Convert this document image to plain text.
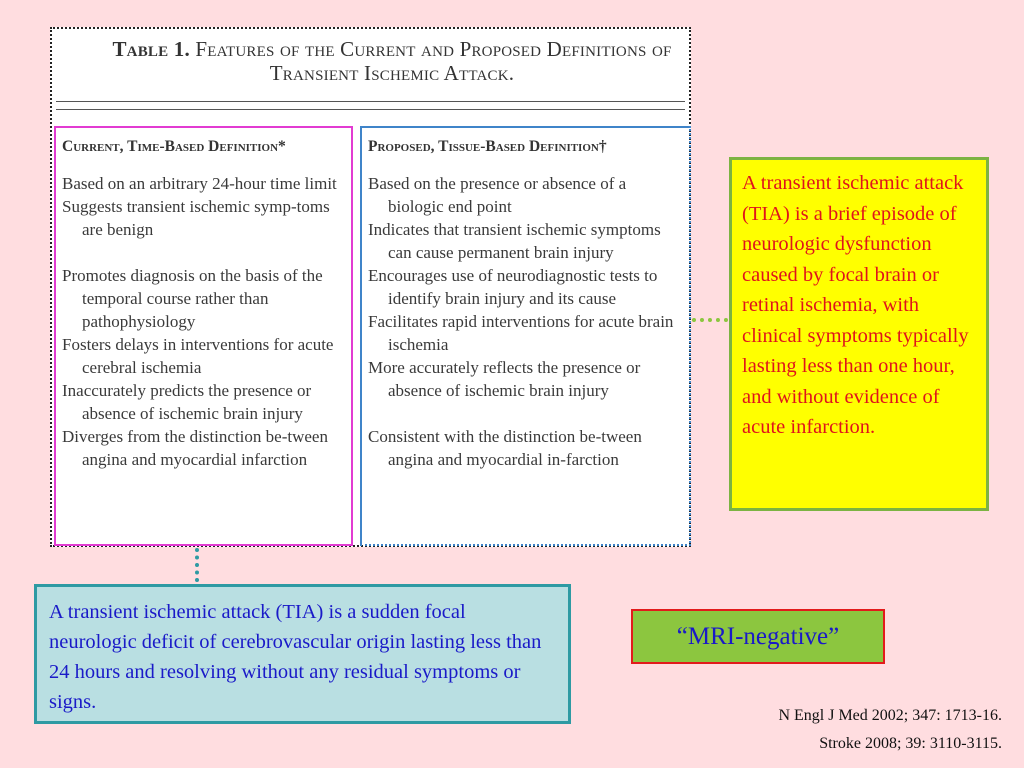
Table 1. Features of the Current and Proposed Definitions of Transient Ischemic Attack.
Current, Time-Based Definition*
Based on an arbitrary 24-hour time limit
Suggests transient ischemic symp-toms are benign
Promotes diagnosis on the basis of the temporal course rather than pathophysiology
Fosters delays in interventions for acute cerebral ischemia
Inaccurately predicts the presence or absence of ischemic brain injury
Diverges from the distinction be-tween angina and myocardial infarction
Proposed, Tissue-Based Definition†
Based on the presence or absence of a biologic end point
Indicates that transient ischemic symptoms can cause permanent brain injury
Encourages use of neurodiagnostic tests to identify brain injury and its cause
Facilitates rapid interventions for acute brain ischemia
More accurately reflects the presence or absence of ischemic brain injury
Consistent with the distinction be-tween angina and myocardial in-farction
A transient ischemic attack (TIA) is a brief episode of neurologic dysfunction caused by focal brain or retinal ischemia, with clinical symptoms typically lasting less than one hour, and without evidence of acute infarction.
A transient ischemic attack (TIA) is a sudden focal neurologic deficit of cerebrovascular origin lasting less than 24 hours and resolving without any residual symptoms or signs.
“MRI-negative”
N Engl J Med 2002; 347: 1713-16.
Stroke 2008; 39: 3110-3115.
